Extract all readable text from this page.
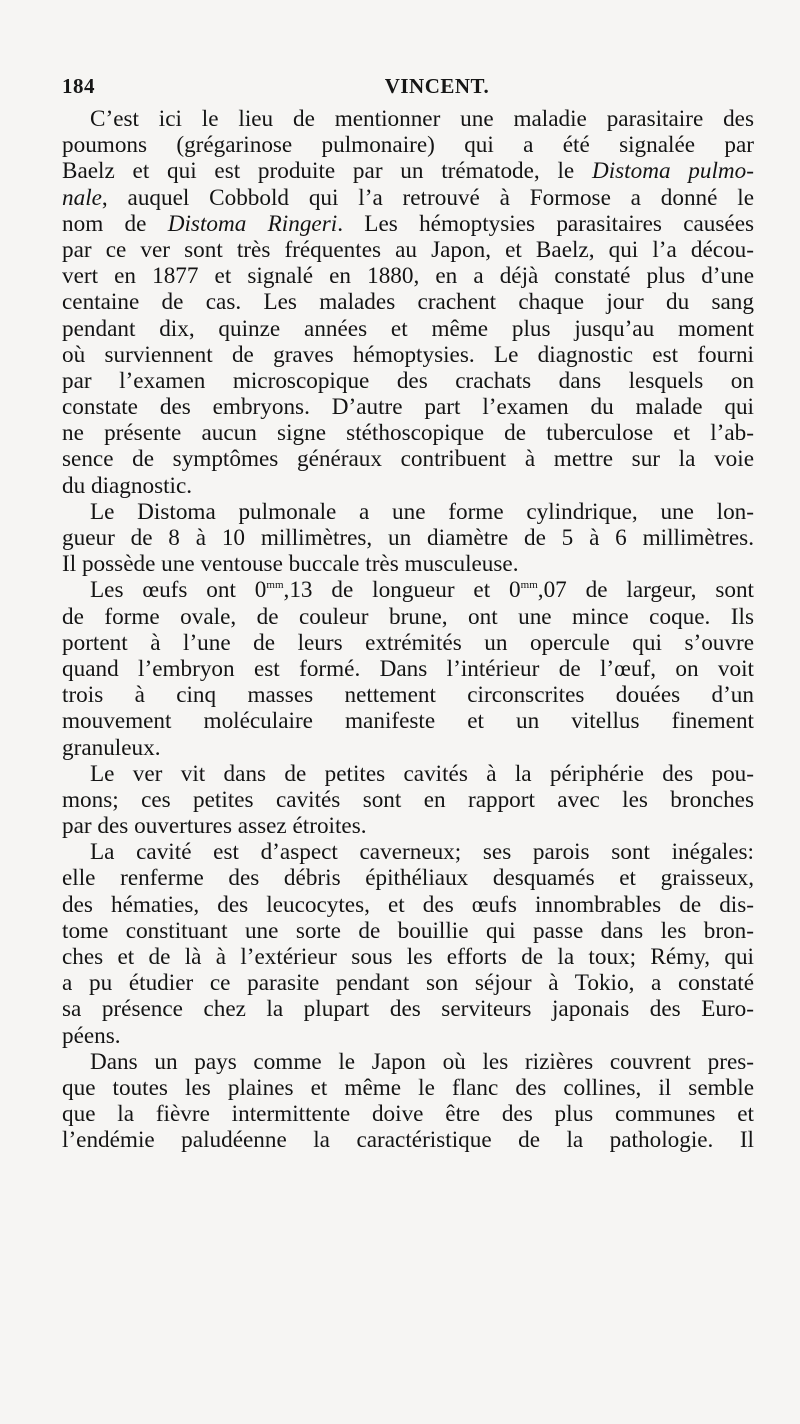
184	VINCENT.
C’est ici le lieu de mentionner une maladie parasitaire des
poumons (grégarinose pulmonaire) qui a été signalée par
Baelz et qui est produite par un trématode, le Distoma pulmo-
nale, auquel Cobbold qui l’a retrouvé à Formose a donné le
nom de Distoma Ringeri. Les hémoptysies parasitaires causées
par ce ver sont très fréquentes au Japon, et Baelz, qui l’a décou-
vert en 1877 et signalé en 1880, en a déjà constaté plus d’une
centaine de cas. Les malades crachent chaque jour du sang
pendant dix, quinze années et même plus jusqu’au moment
où surviennent de graves hémoptysies. Le diagnostic est fourni
par l’examen microscopique des crachats dans lesquels on
constate des embryons. D’autre part l’examen du malade qui
ne présente aucun signe stéthoscopique de tuberculose et l’ab-
sence de symptômes généraux contribuent à mettre sur la voie
du diagnostic.
Le Distoma pulmonale a une forme cylindrique, une lon-
gueur de 8 à 10 millimètres, un diamètre de 5 à 6 millimètres.
Il possède une ventouse buccale très musculeuse.
Les œufs ont $0^{mm},13$ de longueur et $0^{mm},07$ de largeur, sont
de forme ovale, de couleur brune, ont une mince coque. Ils
portent à l’une de leurs extrémités un opercule qui s’ouvre
quand l’embryon est formé. Dans l’intérieur de l’œuf, on voit
trois à cinq masses nettement circonscrites douées d’un
mouvement moléculaire manifeste et un vitellus finement
granuleux.
Le ver vit dans de petites cavités à la périphérie des pou-
mons; ces petites cavités sont en rapport avec les bronches
par des ouvertures assez étroites.
La cavité est d’aspect caverneux; ses parois sont inégales:
elle renferme des débris épithéliaux desquamés et graisseux,
des hématies, des leucocytes, et des œufs innombrables de dis-
tome constituant une sorte de bouillie qui passe dans les bron-
ches et de là à l’extérieur sous les efforts de la toux; Rémy, qui
a pu étudier ce parasite pendant son séjour à Tokio, a constaté
sa présence chez la plupart des serviteurs japonais des Euro-
péens.
Dans un pays comme le Japon où les rizières couvrent pres-
que toutes les plaines et même le flanc des collines, il semble
que la fièvre intermittente doive être des plus communes et
l’endémie paludéenne la caractéristique de la pathologie. Il
